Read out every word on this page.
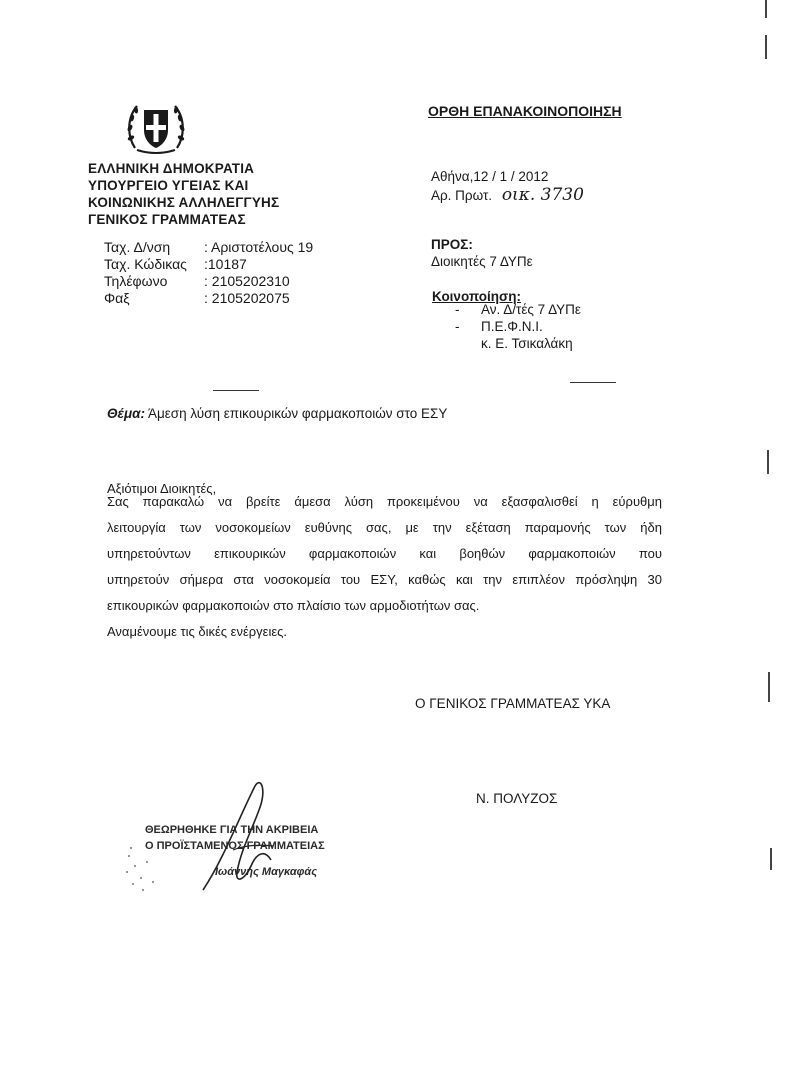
ΕΛΛΗΝΙΚΗ ΔΗΜΟΚΡΑΤΙΑ
ΥΠΟΥΡΓΕΙΟ ΥΓΕΙΑΣ ΚΑΙ
ΚΟΙΝΩΝΙΚΗΣ ΑΛΛΗΛΕΓΓΥΗΣ
ΓΕΝΙΚΟΣ ΓΡΑΜΜΑΤΕΑΣ
ΟΡΘΗ ΕΠΑΝΑΚΟΙΝΟΠΟΙΗΣΗ
Ταχ. Δ/νση : Αριστοτέλους 19
Ταχ. Κώδικας :10187
Τηλέφωνο	: 2105202310
Φαξ	: 2105202075
Αθήνα,12 / 1 / 2012
Αρ. Πρωτ. οικ. 3730
ΠΡΟΣ:
Διοικητές 7 ΔΥΠε
Κοινοποίηση:
- Αν. Δ/τές 7 ΔΥΠε
- Π.Ε.Φ.Ν.Ι.
κ. Ε. Τσικαλάκη
Θέμα: Άμεση λύση επικουρικών φαρμακοποιών στο ΕΣΥ
Αξιότιμοι Διοικητές,
Σας παρακαλώ να βρείτε άμεσα λύση προκειμένου να εξασφαλισθεί η εύρυθμη
λειτουργία των νοσοκομείων ευθύνης σας, με την εξέταση παραμονής των ήδη
υπηρετούντων επικουρικών φαρμακοποιών και βοηθών φαρμακοποιών που
υπηρετούν σήμερα στα νοσοκομεία του ΕΣΥ, καθώς και την επιπλέον πρόσληψη 30
επικουρικών φαρμακοποιών στο πλαίσιο των αρμοδιοτήτων σας.
Αναμένουμε τις δικές ενέργειες.
Ο ΓΕΝΙΚΟΣ ΓΡΑΜΜΑΤΕΑΣ ΥΚΑ
Ν. ΠΟΛΥΖΟΣ
ΘΕΩΡΗΘΗΚΕ ΓΙΑ ΤΗΝ ΑΚΡΙΒΕΙΑ
Ο ΠΡΟΪΣΤΑΜΕΝΟΣ ΓΡΑΜΜΑΤΕΙΑΣ
Ιωάννης Μαγκαφάς
